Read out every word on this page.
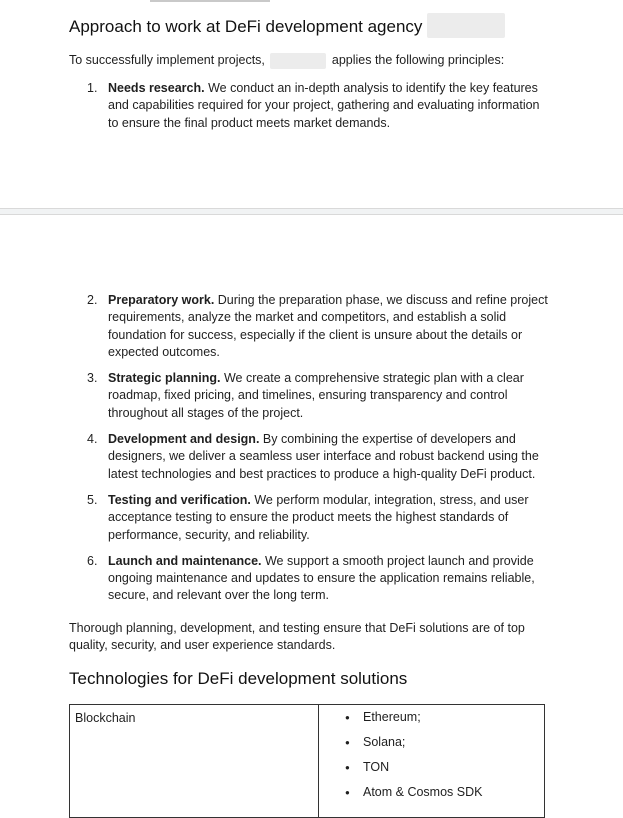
Approach to work at DeFi development agency
To successfully implement projects,	applies the following principles:
1. Needs research. We conduct an in-depth analysis to identify the key features and capabilities required for your project, gathering and evaluating information to ensure the final product meets market demands.
2. Preparatory work. During the preparation phase, we discuss and refine project requirements, analyze the market and competitors, and establish a solid foundation for success, especially if the client is unsure about the details or expected outcomes.
3. Strategic planning. We create a comprehensive strategic plan with a clear roadmap, fixed pricing, and timelines, ensuring transparency and control throughout all stages of the project.
4. Development and design. By combining the expertise of developers and designers, we deliver a seamless user interface and robust backend using the latest technologies and best practices to produce a high-quality DeFi product.
5. Testing and verification. We perform modular, integration, stress, and user acceptance testing to ensure the product meets the highest standards of performance, security, and reliability.
6. Launch and maintenance. We support a smooth project launch and provide ongoing maintenance and updates to ensure the application remains reliable, secure, and relevant over the long term.
Thorough planning, development, and testing ensure that DeFi solutions are of top quality, security, and user experience standards.
Technologies for DeFi development solutions
Blockchain	
●Ethereum;
● Solana;
● TON
● Atom & Cosmos SDK
